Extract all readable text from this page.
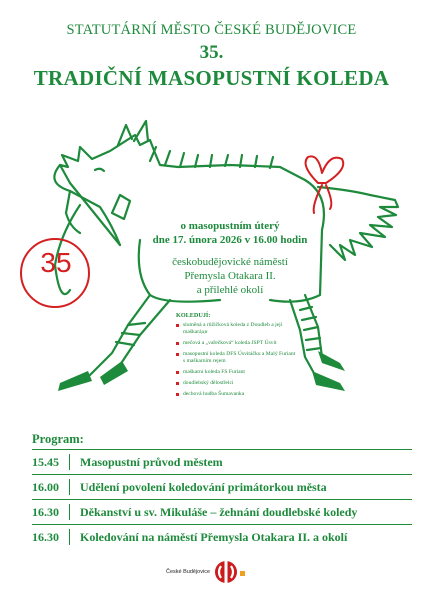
STATUTÁRNÍ MĚSTO ČESKÉ BUDĚJOVICE
35.
TRADIČNÍ MASOPUSTNÍ KOLEDA
35
o masopustním úterý
dne 17. února 2026 v 16.00 hodin
českobudějovické náměstí
Přemysla Otakara II.
a přilehlé okolí
KOLEDUJÍ:
sluměná a růžičková koleda z Doudleb a její maškaráди
mečová a „vařečková“ koleda JSPT Úsvit
masopustní koleda DFS Úsvitáčku a Malý Furiant s maškarním rejem
maškarní koleda FS Furiant
doudlebský dělostřelci
dechová hudba Šumavanka
Program:
15.45	Masopustní průvod městem
16.00	Udělení povolení koledování primátorkou města
16.30	Děkanství u sv. Mikuláše – žehnání doudlebské koledy
16.30	Koledování na náměstí Přemysla Otakara II. a okolí
České Budějovice
